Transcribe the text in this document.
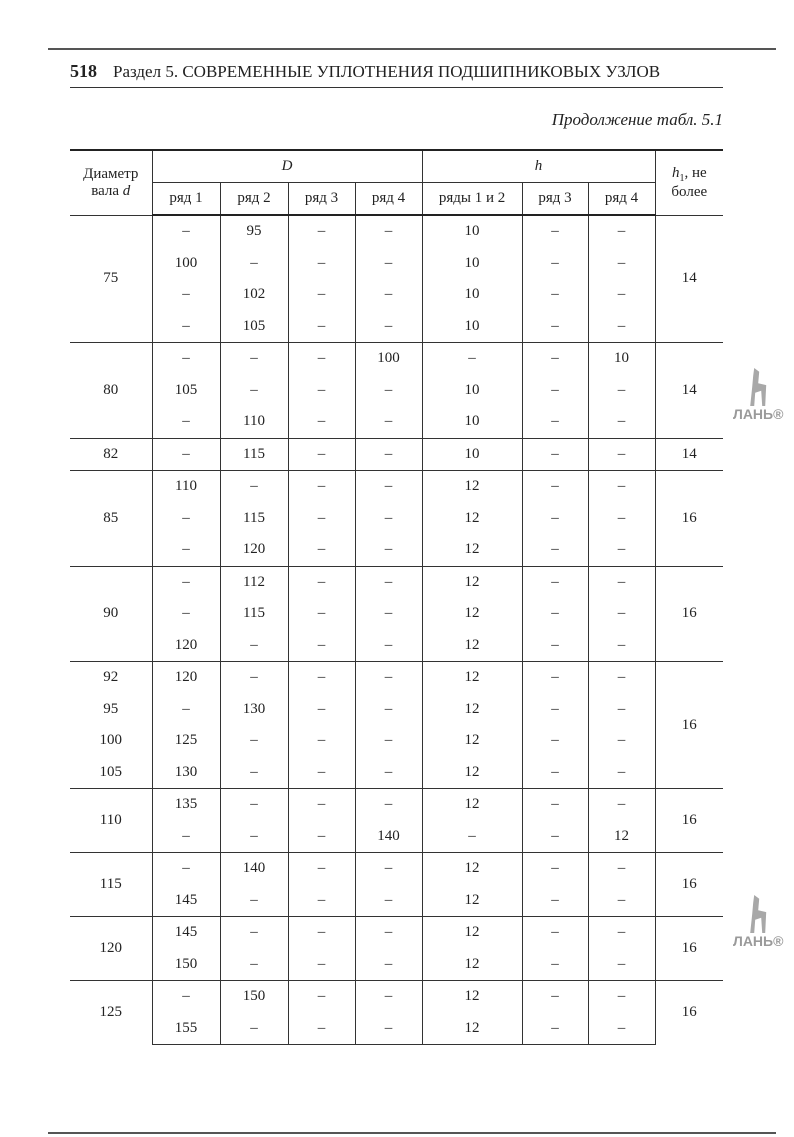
518 Раздел 5. СОВРЕМЕННЫЕ УПЛОТНЕНИЯ ПОДШИПНИКОВЫХ УЗЛОВ
Продолжение табл. 5.1
Диаметр
вала d	D				h			$h_1$, не
более
	ряд 1	ряд 2	ряд 3	ряд 4	ряды 1 и 2	ряд 3	ряд 4	
75	–	95	–	–	10	–	–	14
	100	–	–	–	10	–	–	
	–	102	–	–	10	–	–	
	–	105	–	–	10	–	–	
80	–	–	–	100	–	–	10	14
	105	–	–	–	10	–	–	
	–	110	–	–	10	–	–	
82	–	115	–	–	10	–	–	14
85	110	–	–	–	12	–	–	16
	–	115	–	–	12	–	–	
	–	120	–	–	12	–	–	
90	–	112	–	–	12	–	–	16
	–	115	–	–	12	–	–	
	120	–	–	–	12	–	–	
92	120	–	–	–	12	–	–	16
95	–	130	–	–	12	–	–	
100	125	–	–	–	12	–	–	
105	130	–	–	–	12	–	–	
110	135	–	–	–	12	–	–	16
	–	–	–	140	–	–	12	
115	–	140	–	–	12	–	–	16
	145	–	–	–	12	–	–	
120	145	–	–	–	12	–	–	16
	150	–	–	–	12	–	–	
125	–	150	–	–	12	–	–	16
	155	–	–	–	12	–	–	
ЛАНЬ®
ЛАНЬ®
